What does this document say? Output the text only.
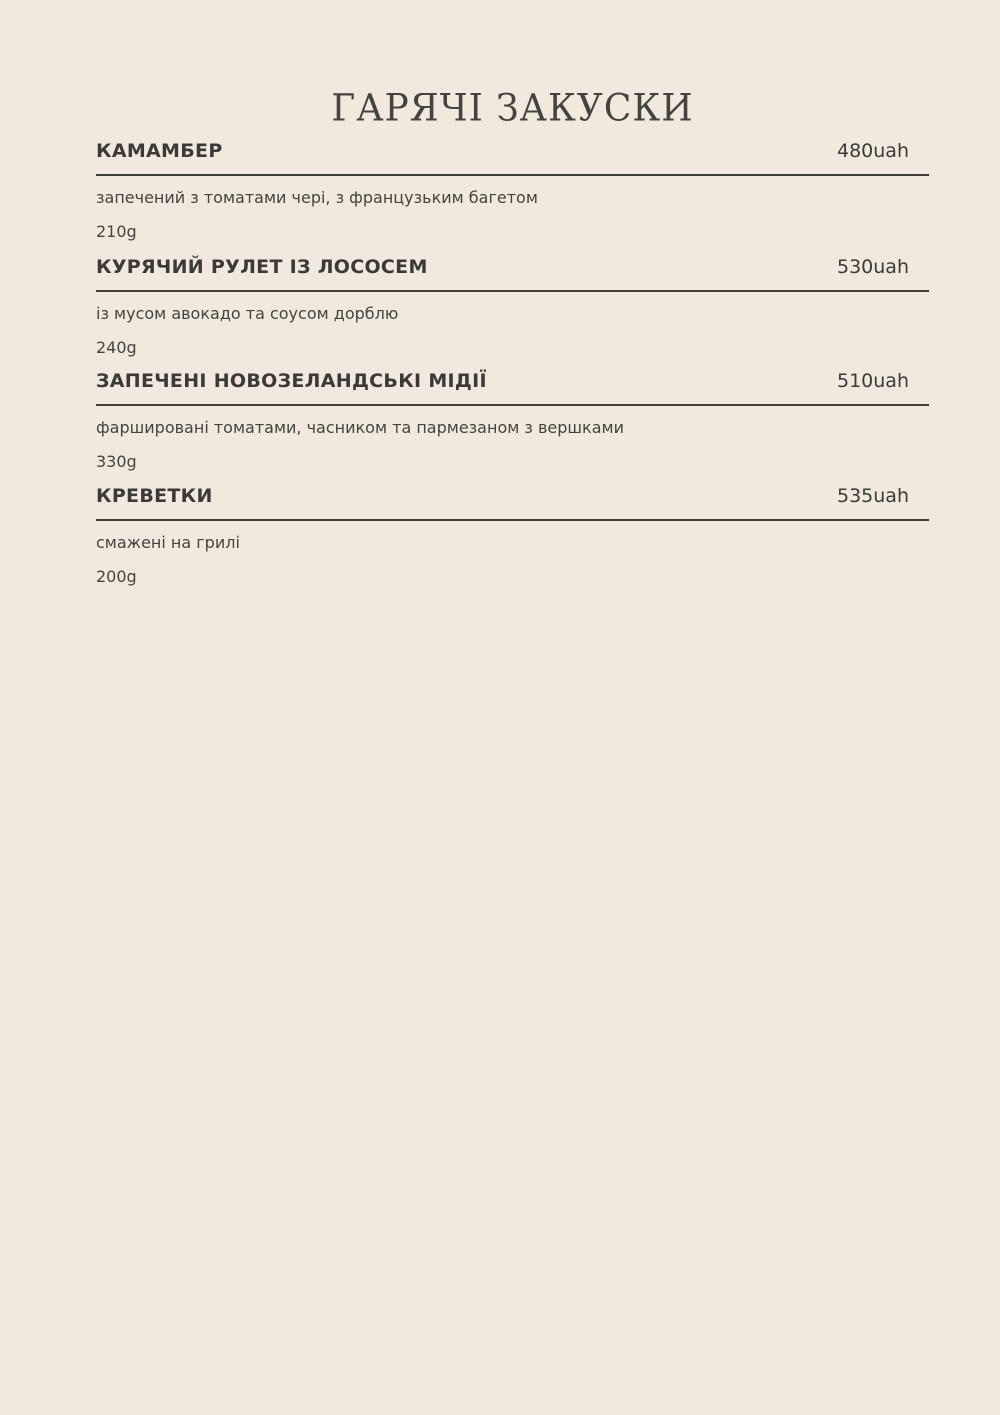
ГАРЯЧІ ЗАКУСКИ
КАМАМБЕР	480uah
запечений з томатами черi, з французьким багетом
210g
КУРЯЧИЙ РУЛЕТ ІЗ ЛОСОСЕМ	530uah
із мусом авокадо та соусом дорблю
240g
ЗАПЕЧЕНІ НОВОЗЕЛАНДСЬКІ МІДІЇ	510uah
фаршировані томатами, часником та пармезаном з вершками
330g
КРЕВЕТКИ	535uah
смажені на грилі
200g
